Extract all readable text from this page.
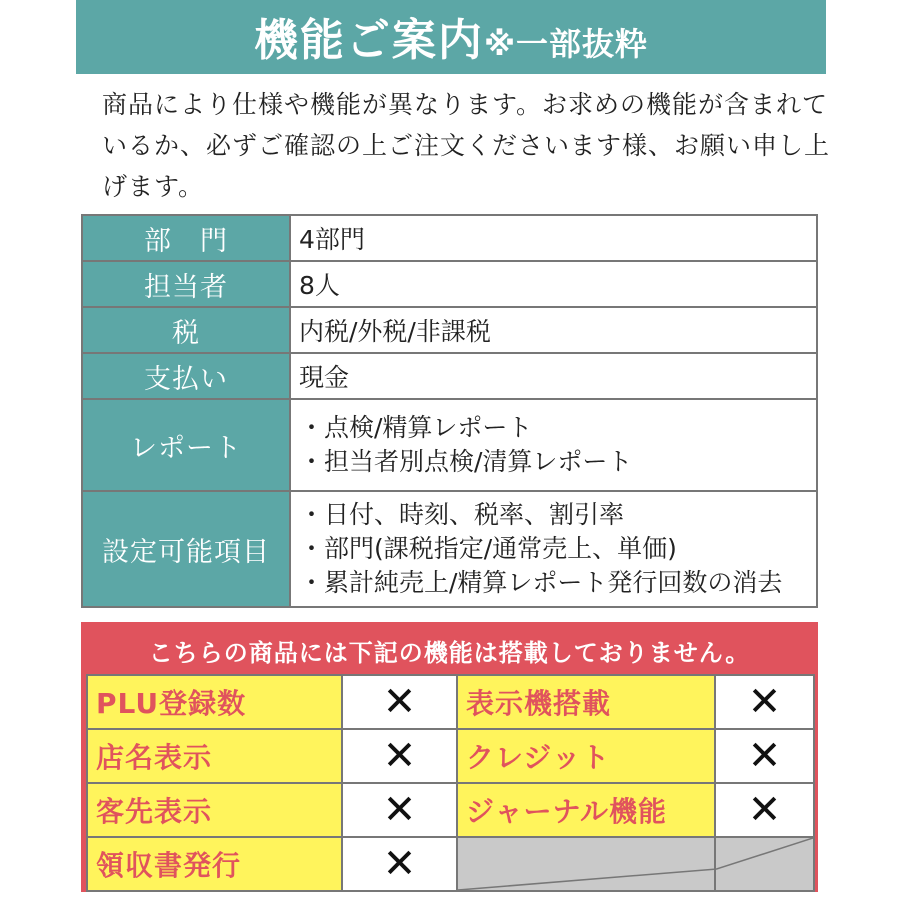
機能ご案内※一部抜粋
商品により仕様や機能が異なります。お求めの機能が含まれているか、必ずご確認の上ご注文くださいます様、お願い申し上げます。
部　門	4部門
担当者	8人
税	内税/外税/非課税
支払い	現金
レポート	・点検/精算レポート
・担当者別点検/清算レポート

設定可能項目	・日付、時刻、税率、割引率
・部門(課税指定/通常売上、単価)
・累計純売上/精算レポート発行回数の消去
こちらの商品には下記の機能は搭載しておりません。
PLU登録数	✕	表示機搭載	✕
店名表示	✕	クレジット	✕
客先表示	✕	ジャーナル機能	✕
領収書発行	✕	
